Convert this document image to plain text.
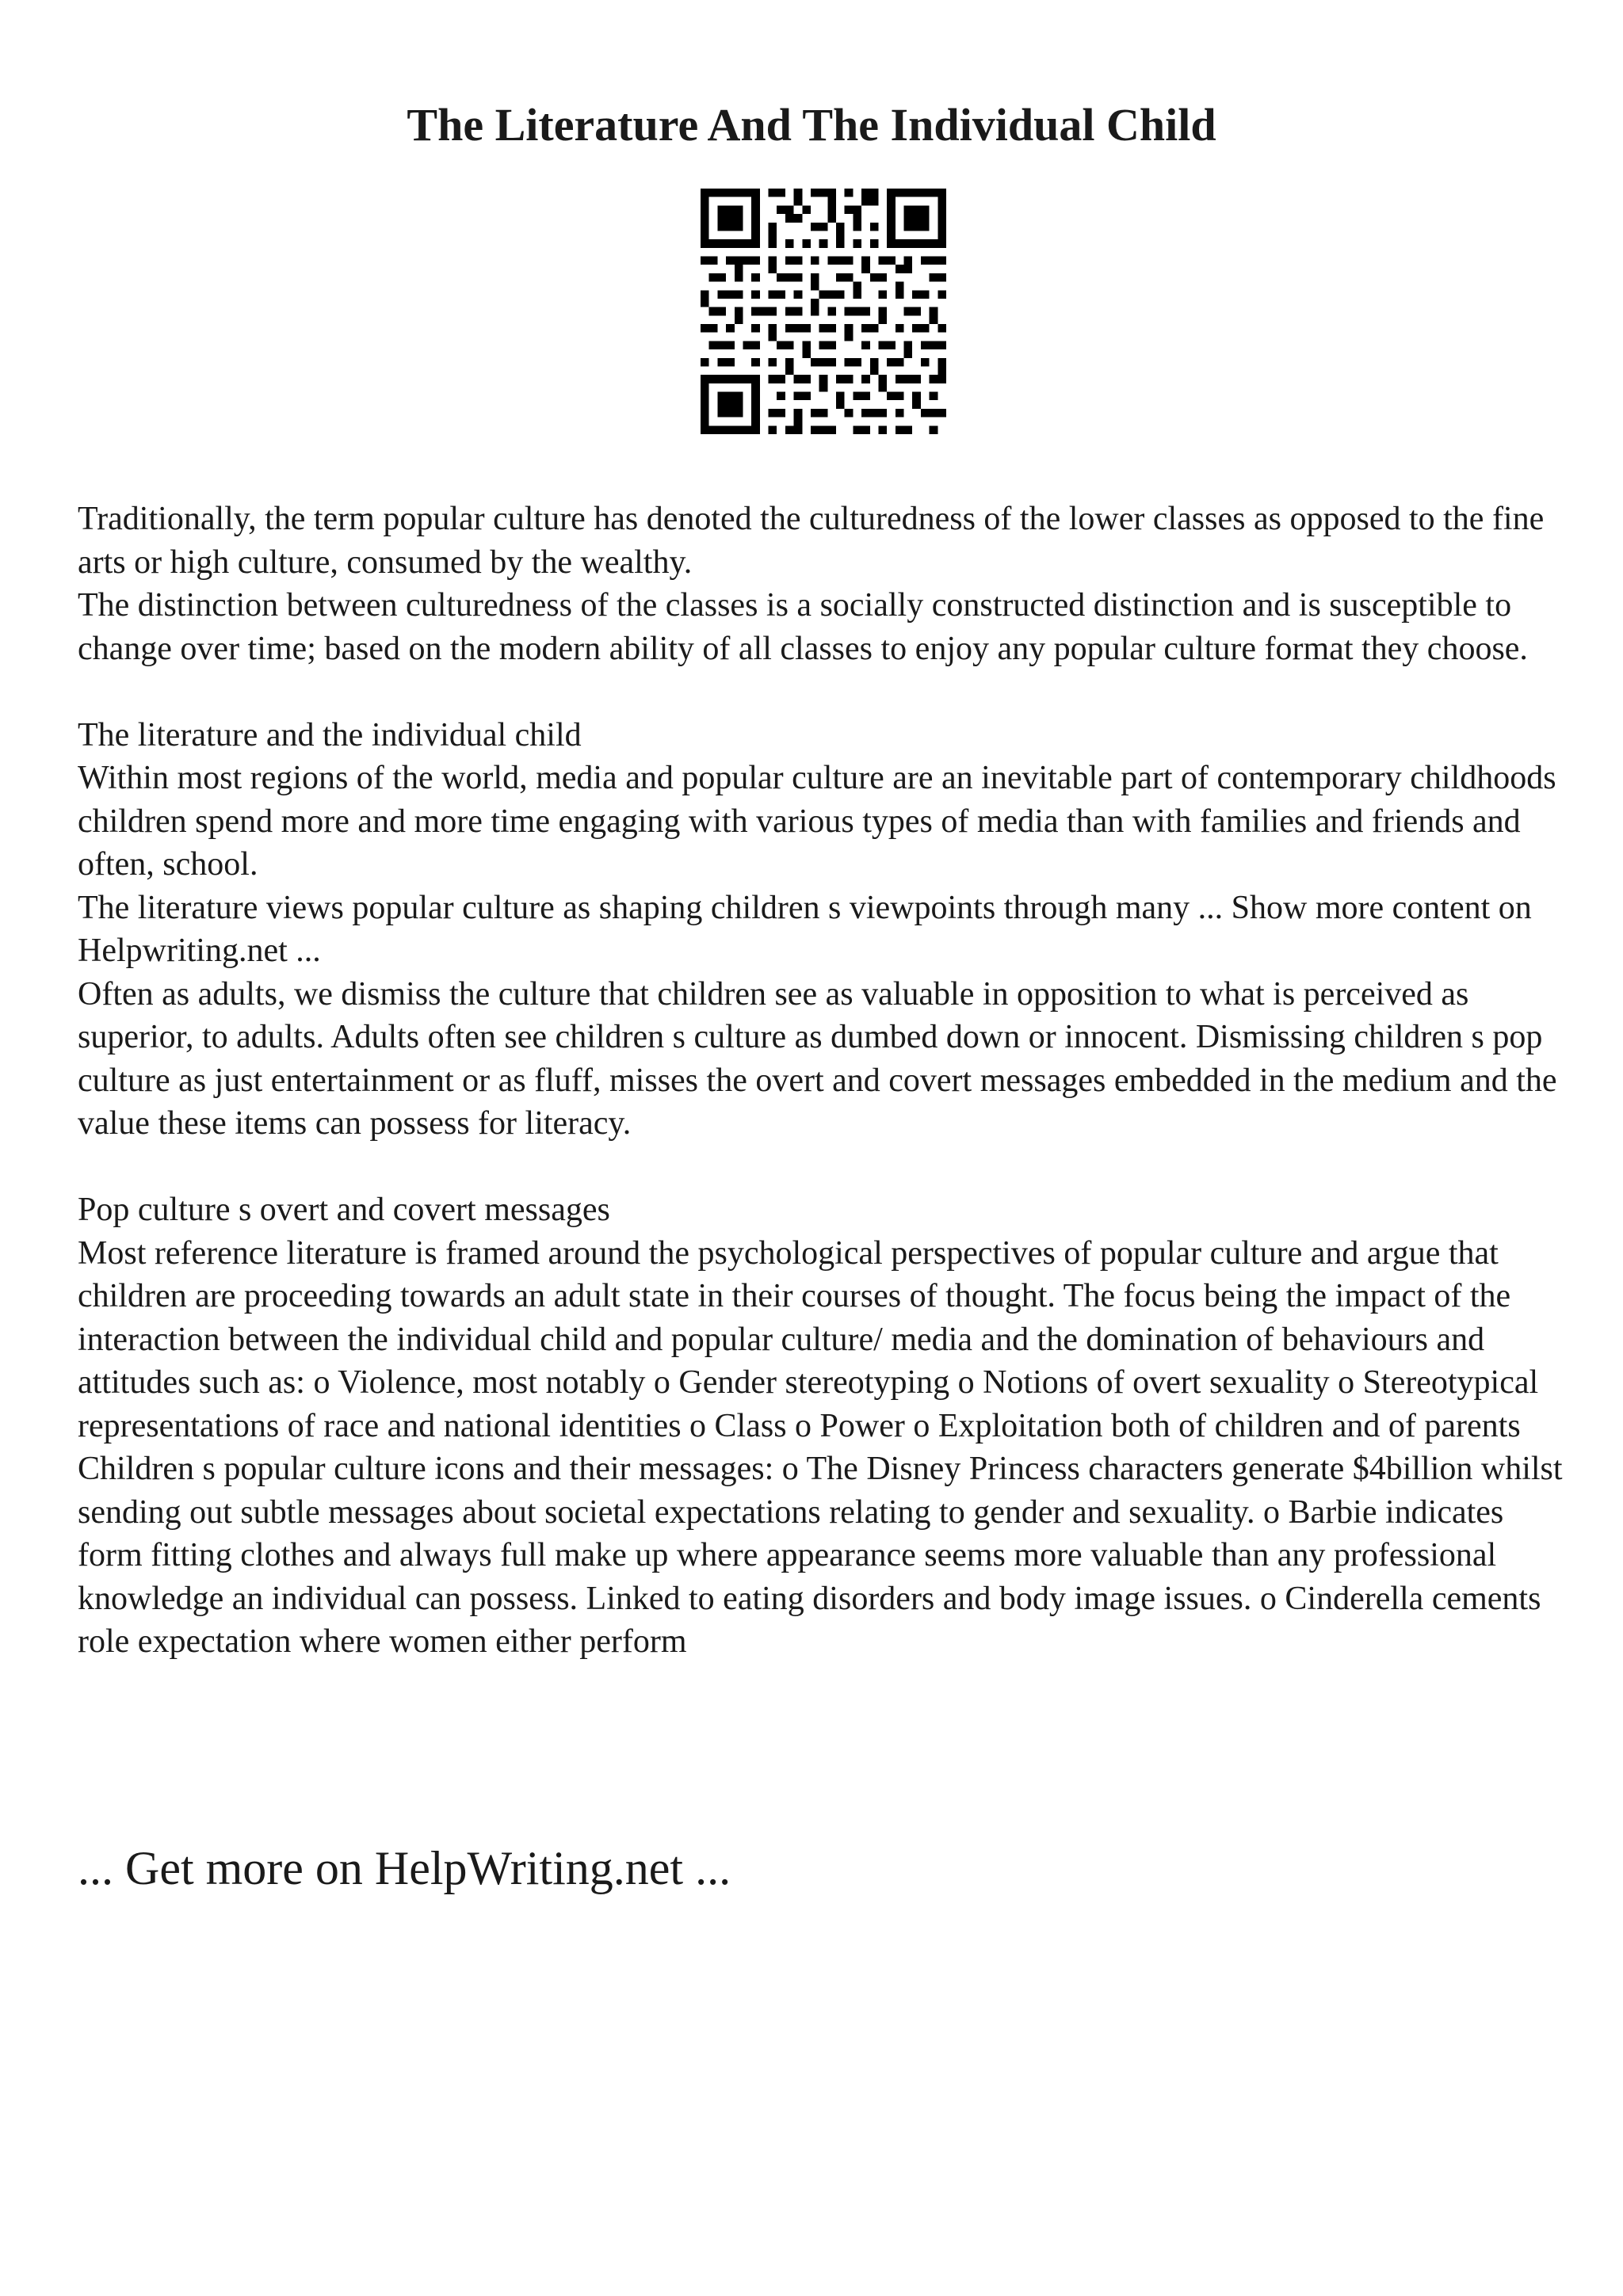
The Literature And The Individual Child

Traditionally, the term popular culture has denoted the culturedness of the lower classes as opposed to the fine arts or high culture, consumed by the wealthy.

The distinction between culturedness of the classes is a socially constructed distinction and is susceptible to change over time; based on the modern ability of all classes to enjoy any popular culture format they choose.

The literature and the individual child

Within most regions of the world, media and popular culture are an inevitable part of contemporary childhoods children spend more and more time engaging with various types of media than with families and friends and often, school.

The literature views popular culture as shaping children s viewpoints through many ... Show more content on Helpwriting.net ...

Often as adults, we dismiss the culture that children see as valuable in opposition to what is perceived as superior, to adults. Adults often see children s culture as dumbed down or innocent. Dismissing children s pop culture as just entertainment or as fluff, misses the overt and covert messages embedded in the medium and the value these items can possess for literacy.

Pop culture s overt and covert messages

Most reference literature is framed around the psychological perspectives of popular culture and argue that children are proceeding towards an adult state in their courses of thought. The focus being the impact of the interaction between the individual child and popular culture/ media and the domination of behaviours and attitudes such as: o Violence, most notably o Gender stereotyping o Notions of overt sexuality o Stereotypical representations of race and national identities o Class o Power o Exploitation both of children and of parents

Children s popular culture icons and their messages: o The Disney Princess characters generate $4billion whilst sending out subtle messages about societal expectations relating to gender and sexuality. o Barbie indicates form fitting clothes and always full make up where appearance seems more valuable than any professional knowledge an individual can possess. Linked to eating disorders and body image issues. o Cinderella cements role expectation where women either perform

... Get more on HelpWriting.net ...
